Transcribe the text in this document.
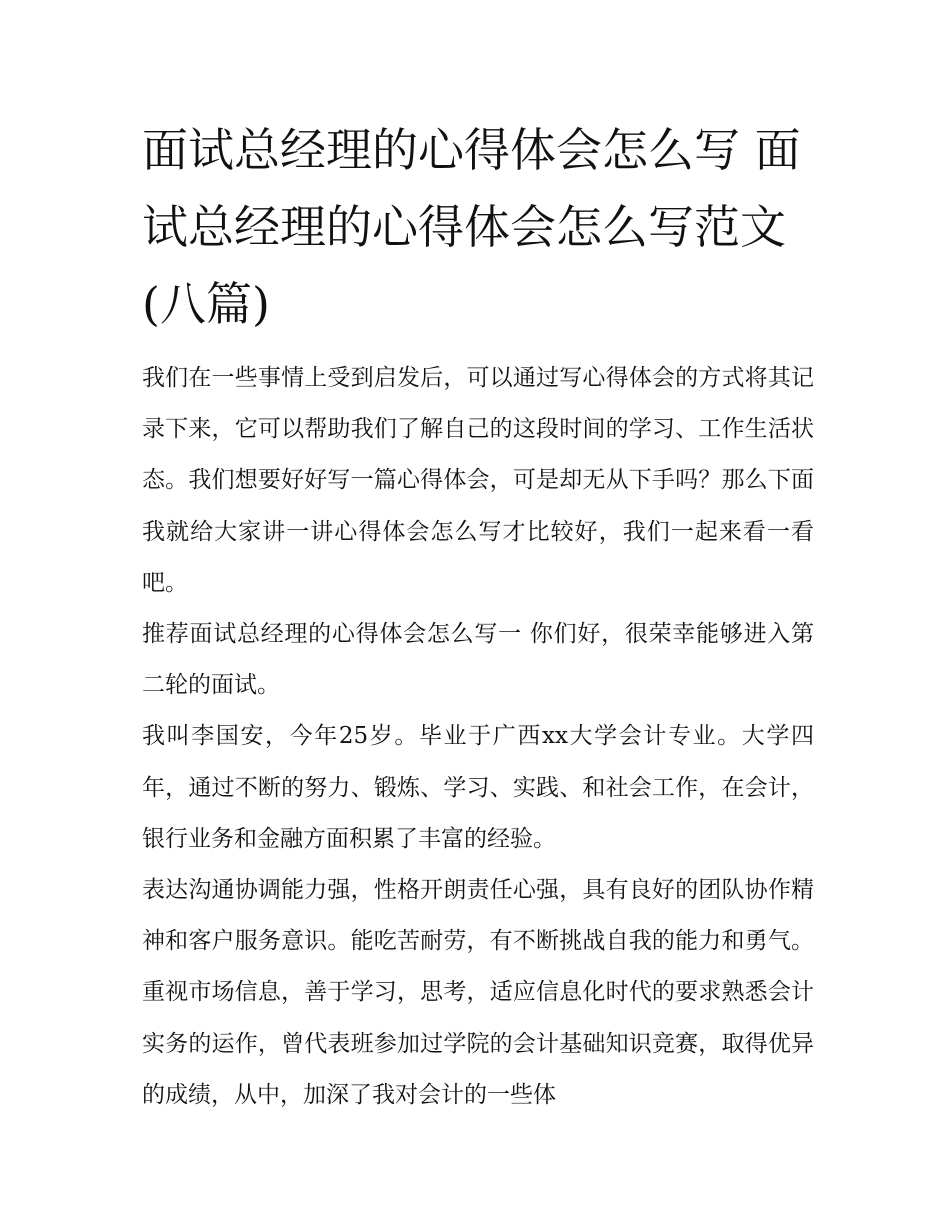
面试总经理的心得体会怎么写 面试总经理的心得体会怎么写范文(八篇)

我们在一些事情上受到启发后，可以通过写心得体会的方式将其记录下来，它可以帮助我们了解自己的这段时间的学习、工作生活状态。我们想要好好写一篇心得体会，可是却无从下手吗？那么下面我就给大家讲一讲心得体会怎么写才比较好，我们一起来看一看吧。

推荐面试总经理的心得体会怎么写一 你们好，很荣幸能够进入第二轮的面试。

我叫李国安，今年25岁。毕业于广西xx大学会计专业。大学四年，通过不断的努力、锻炼、学习、实践、和社会工作，在会计，银行业务和金融方面积累了丰富的经验。

表达沟通协调能力强，性格开朗责任心强，具有良好的团队协作精神和客户服务意识。能吃苦耐劳，有不断挑战自我的能力和勇气。重视市场信息，善于学习，思考，适应信息化时代的要求熟悉会计实务的运作，曾代表班参加过学院的会计基础知识竞赛，取得优异的成绩，从中，加深了我对会计的一些体
